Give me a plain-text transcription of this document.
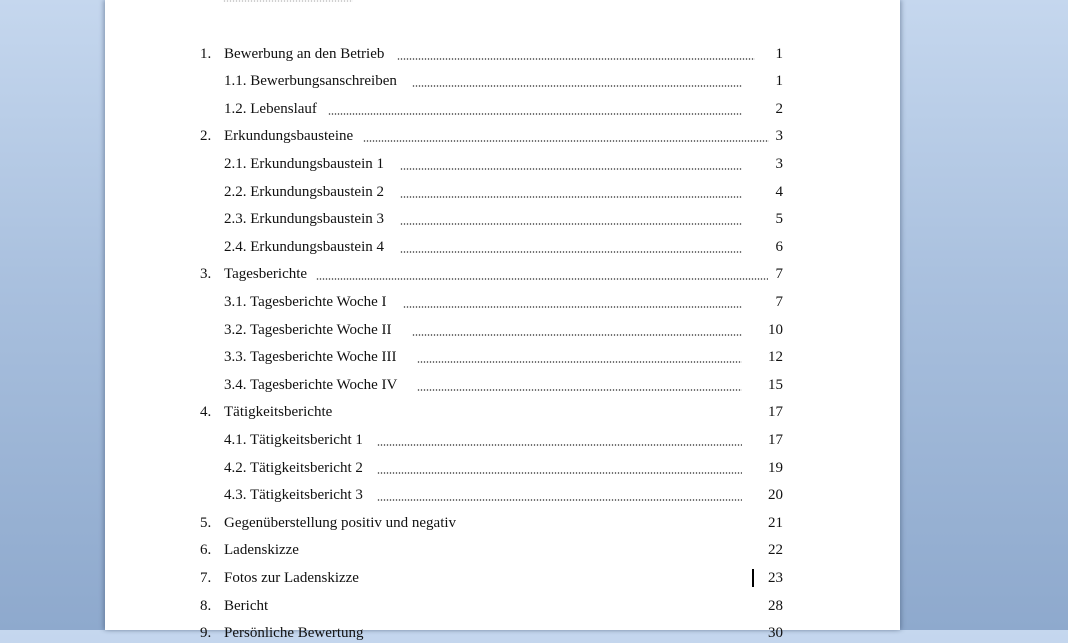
1. Bewerbung an den Betrieb	1
1.1. Bewerbungsanschreiben	1
1.2. Lebenslauf	2
2. Erkundungsbausteine	3
2.1. Erkundungsbaustein 1	3
2.2. Erkundungsbaustein 2	4
2.3. Erkundungsbaustein 3	5
2.4. Erkundungsbaustein 4	6
3. Tagesberichte	7
3.1. Tagesberichte Woche I	7
3.2. Tagesberichte Woche II	10
3.3. Tagesberichte Woche III	12
3.4. Tagesberichte Woche IV	15
4. Tätigkeitsberichte	17
4.1. Tätigkeitsbericht 1	17
4.2. Tätigkeitsbericht 2	19
4.3. Tätigkeitsbericht 3	20
5. Gegenüberstellung positiv und negativ	21
6. Ladenskizze	22
7. Fotos zur Ladenskizze	23
8. Bericht	28
9. Persönliche Bewertung	30
